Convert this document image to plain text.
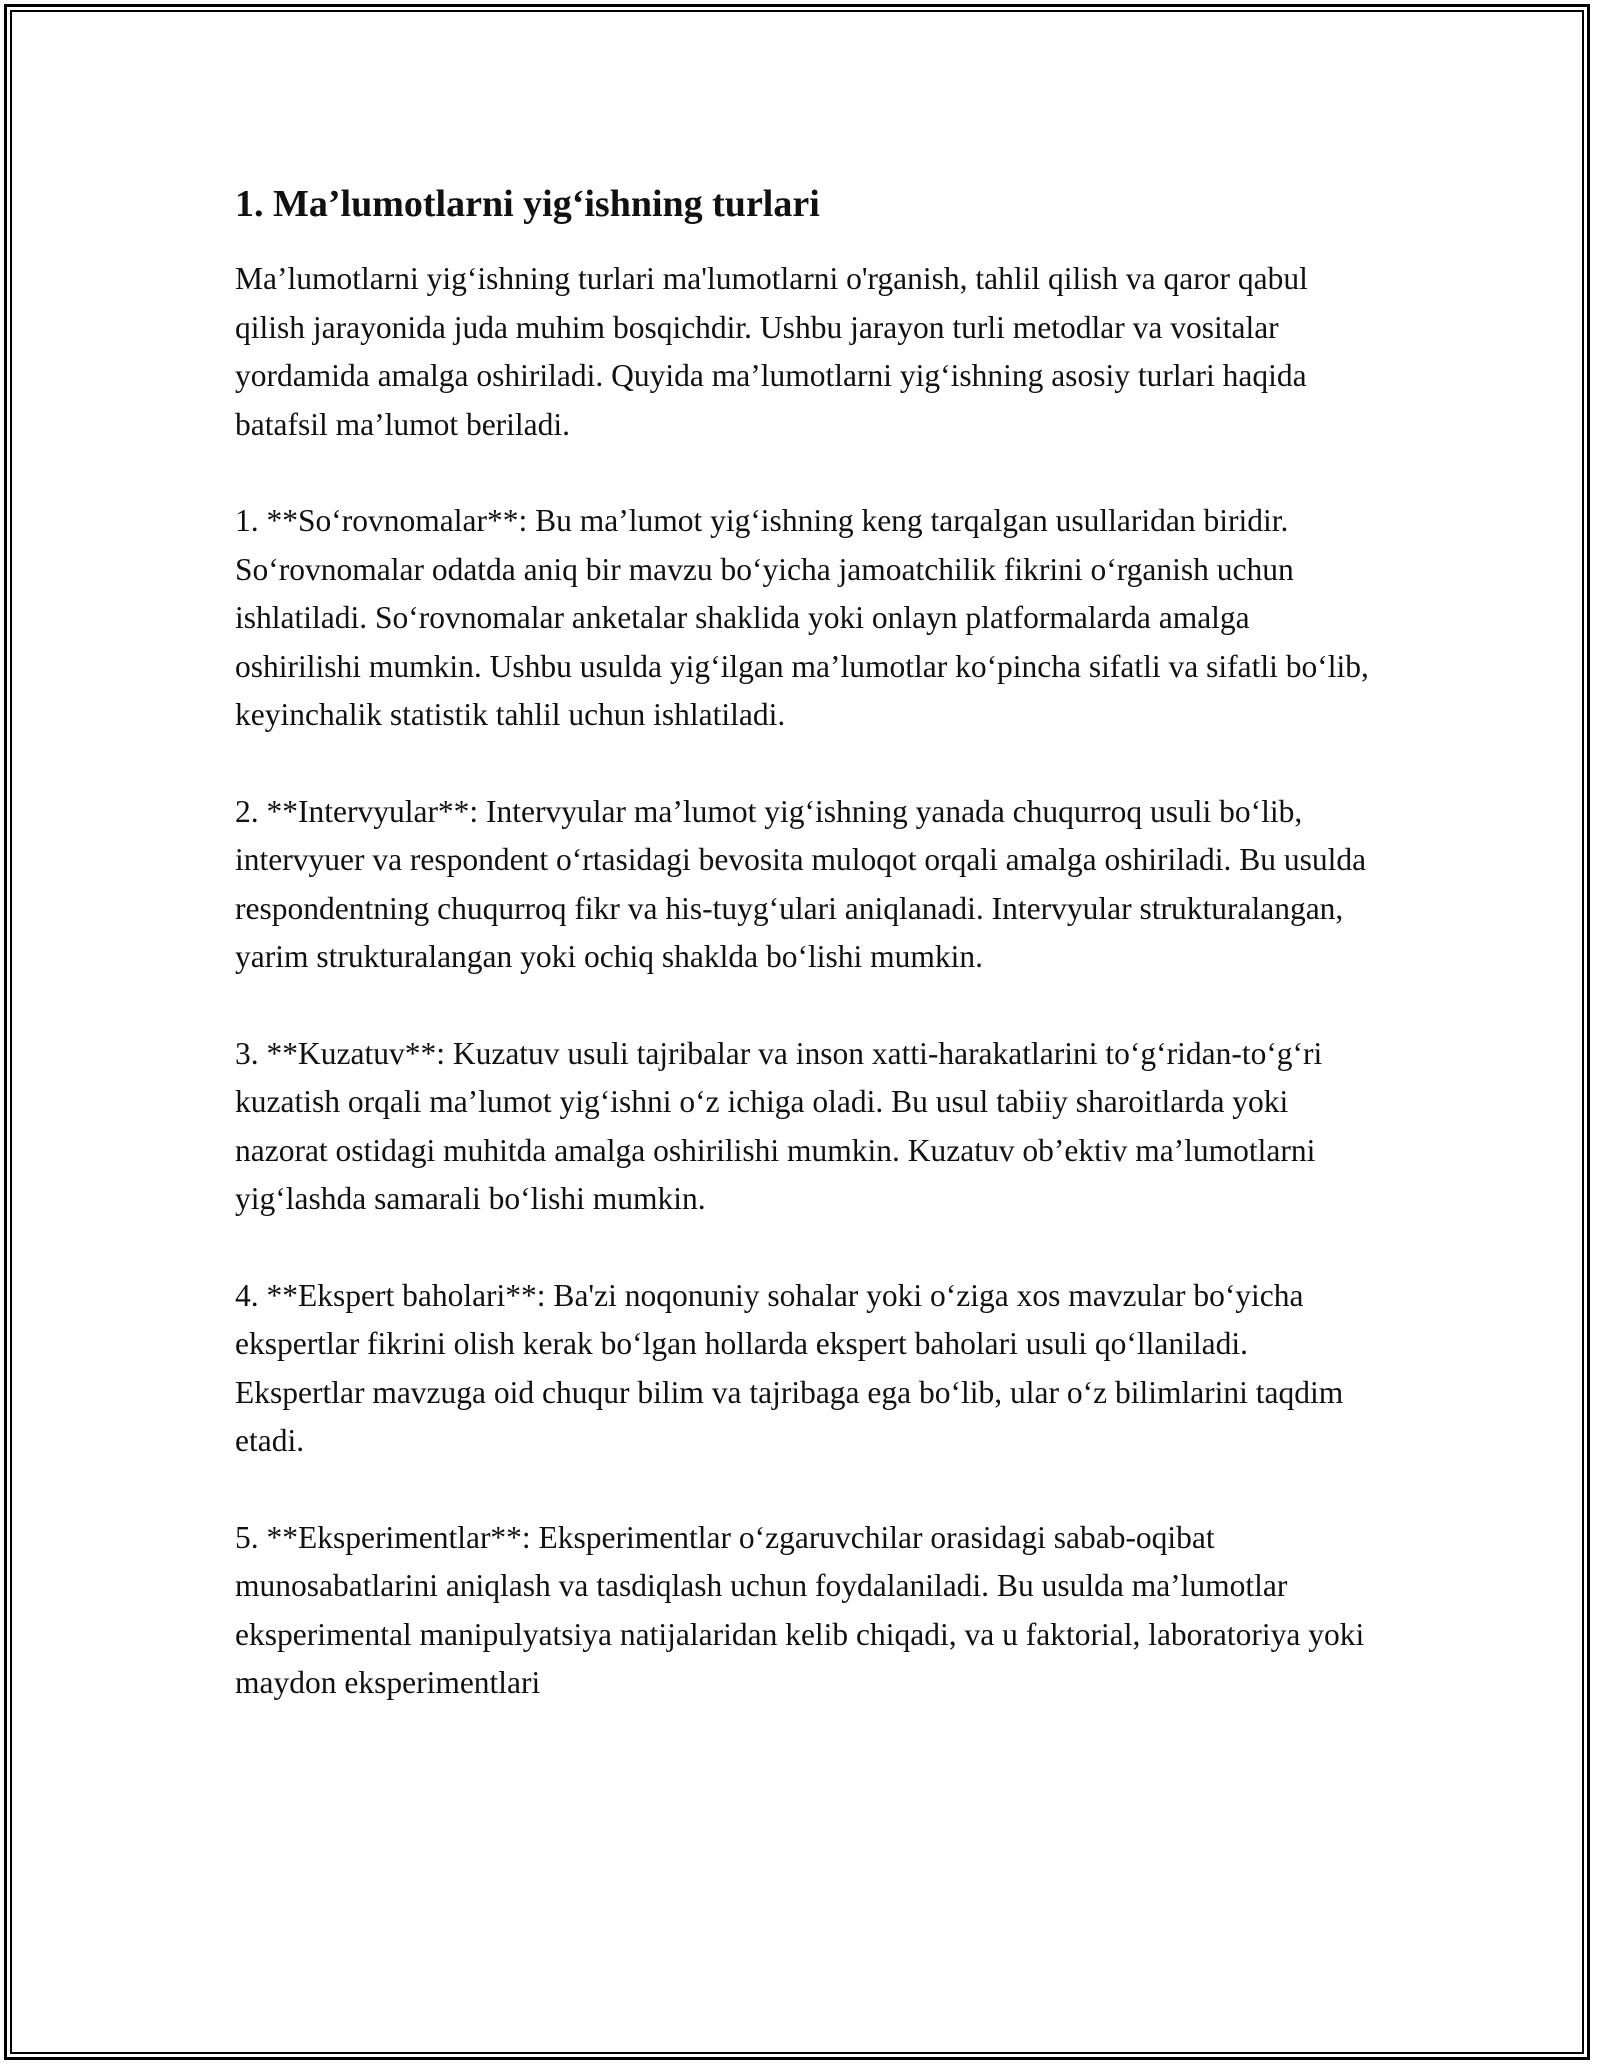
1. Ma’lumotlarni yig‘ishning turlari

Ma’lumotlarni yig‘ishning turlari ma'lumotlarni o'rganish, tahlil qilish va qaror qabul qilish jarayonida juda muhim bosqichdir. Ushbu jarayon turli metodlar va vositalar yordamida amalga oshiriladi. Quyida ma’lumotlarni yig‘ishning asosiy turlari haqida batafsil ma’lumot beriladi.

1. **So‘rovnomalar**: Bu ma’lumot yig‘ishning keng tarqalgan usullaridan biridir. So‘rovnomalar odatda aniq bir mavzu bo‘yicha jamoatchilik fikrini o‘rganish uchun ishlatiladi. So‘rovnomalar anketalar shaklida yoki onlayn platformalarda amalga oshirilishi mumkin. Ushbu usulda yig‘ilgan ma’lumotlar ko‘pincha sifatli va sifatli bo‘lib, keyinchalik statistik tahlil uchun ishlatiladi.

2. **Intervyular**: Intervyular ma’lumot yig‘ishning yanada chuqurroq usuli bo‘lib, intervyuer va respondent o‘rtasidagi bevosita muloqot orqali amalga oshiriladi. Bu usulda respondentning chuqurroq fikr va his-tuyg‘ulari aniqlanadi. Intervyular strukturalangan, yarim strukturalangan yoki ochiq shaklda bo‘lishi mumkin.

3. **Kuzatuv**: Kuzatuv usuli tajribalar va inson xatti-harakatlarini to‘g‘ridan-to‘g‘ri kuzatish orqali ma’lumot yig‘ishni o‘z ichiga oladi. Bu usul tabiiy sharoitlarda yoki nazorat ostidagi muhitda amalga oshirilishi mumkin. Kuzatuv ob’ektiv ma’lumotlarni yig‘lashda samarali bo‘lishi mumkin.

4. **Ekspert baholari**: Ba'zi noqonuniy sohalar yoki o‘ziga xos mavzular bo‘yicha ekspertlar fikrini olish kerak bo‘lgan hollarda ekspert baholari usuli qo‘llaniladi. Ekspertlar mavzuga oid chuqur bilim va tajribaga ega bo‘lib, ular o‘z bilimlarini taqdim etadi.

5. **Eksperimentlar**: Eksperimentlar o‘zgaruvchilar orasidagi sabab-oqibat munosabatlarini aniqlash va tasdiqlash uchun foydalaniladi. Bu usulda ma’lumotlar eksperimental manipulyatsiya natijalaridan kelib chiqadi, va u faktorial, laboratoriya yoki maydon eksperimentlari
